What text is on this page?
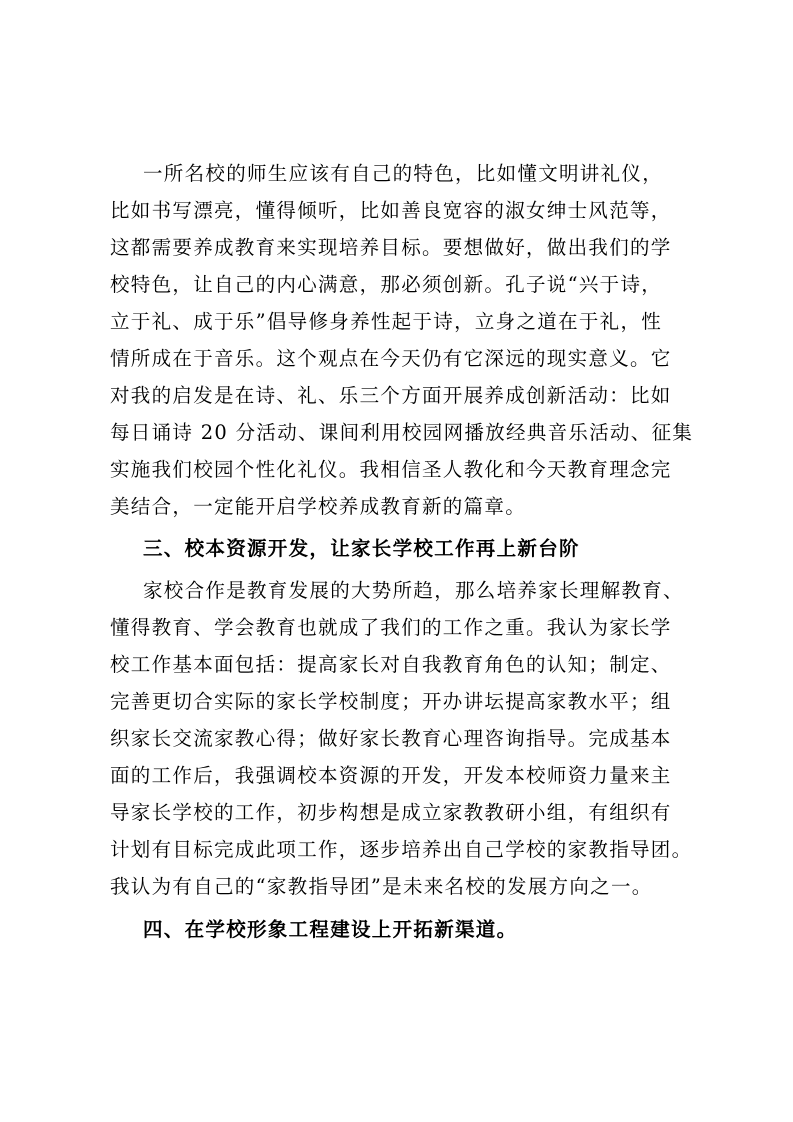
一所名校的师生应该有自己的特色，比如懂文明讲礼仪，
比如书写漂亮，懂得倾听，比如善良宽容的淑女绅士风范等，
这都需要养成教育来实现培养目标。要想做好，做出我们的学
校特色，让自己的内心满意，那必须创新。孔子说“兴于诗，
立于礼、成于乐”倡导修身养性起于诗，立身之道在于礼，性
情所成在于音乐。这个观点在今天仍有它深远的现实意义。它
对我的启发是在诗、礼、乐三个方面开展养成创新活动：比如
每日诵诗 20 分活动、课间利用校园网播放经典音乐活动、征集
实施我们校园个性化礼仪。我相信圣人教化和今天教育理念完
美结合，一定能开启学校养成教育新的篇章。
三、校本资源开发，让家长学校工作再上新台阶
家校合作是教育发展的大势所趋，那么培养家长理解教育、
懂得教育、学会教育也就成了我们的工作之重。我认为家长学
校工作基本面包括：提高家长对自我教育角色的认知；制定、
完善更切合实际的家长学校制度；开办讲坛提高家教水平；组
织家长交流家教心得；做好家长教育心理咨询指导。完成基本
面的工作后，我强调校本资源的开发，开发本校师资力量来主
导家长学校的工作，初步构想是成立家教教研小组，有组织有
计划有目标完成此项工作，逐步培养出自己学校的家教指导团。
我认为有自己的“家教指导团”是未来名校的发展方向之一。
四、在学校形象工程建设上开拓新渠道。
